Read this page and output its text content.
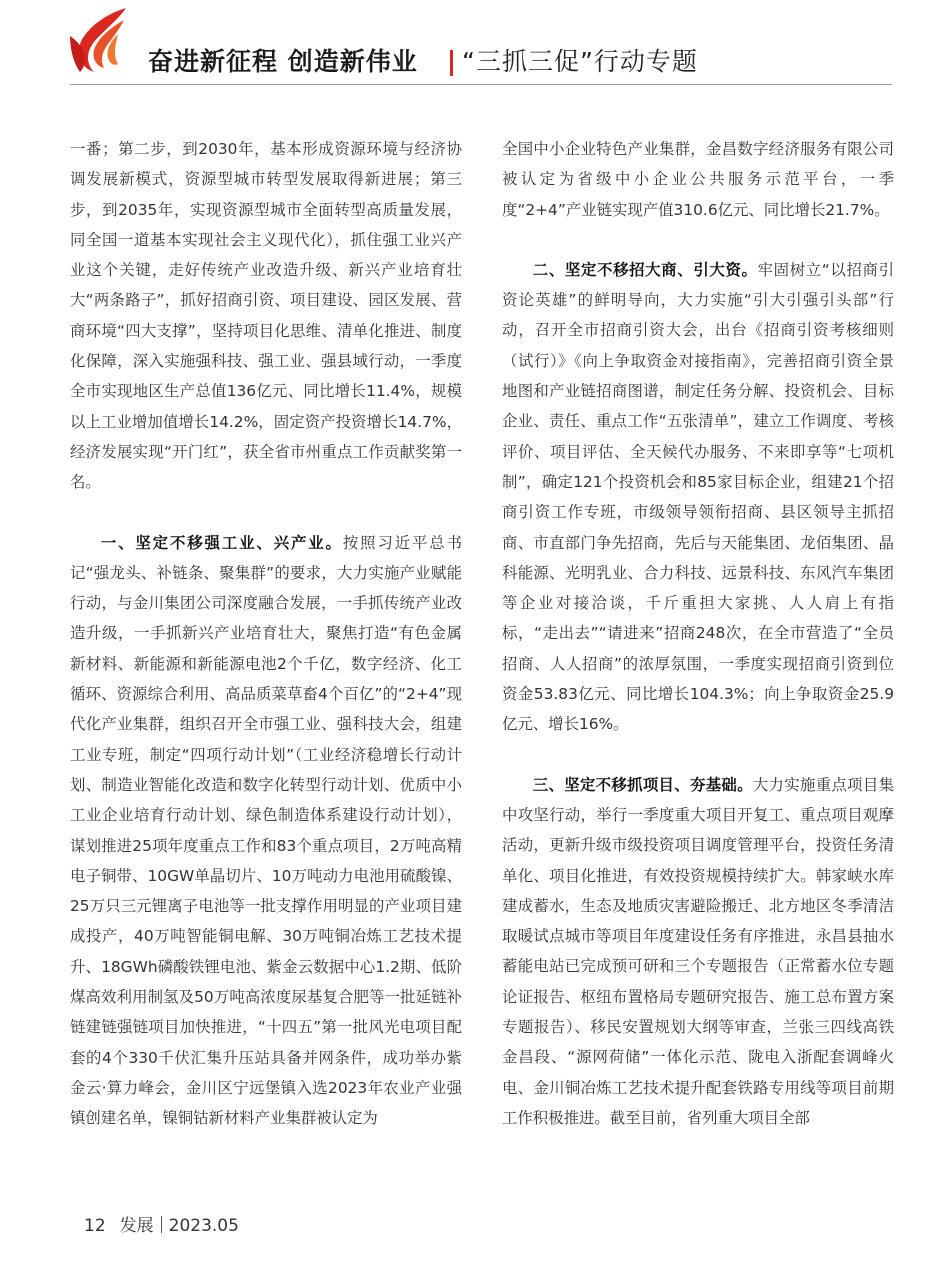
奋进新征程 创造新伟业 “三抓三促”行动专题

一番；第二步，到2030年，基本形成资源环境与经济协调发展新模式，资源型城市转型发展取得新进展；第三步，到2035年，实现资源型城市全面转型高质量发展，同全国一道基本实现社会主义现代化），抓住强工业兴产业这个关键，走好传统产业改造升级、新兴产业培育壮大“两条路子”，抓好招商引资、项目建设、园区发展、营商环境“四大支撑”，坚持项目化思维、清单化推进、制度化保障，深入实施强科技、强工业、强县域行动，一季度全市实现地区生产总值136亿元、同比增长11.4%，规模以上工业增加值增长14.2%，固定资产投资增长14.7%，经济发展实现“开门红”，获全省市州重点工作贡献奖第一名。

一、坚定不移强工业、兴产业。按照习近平总书记“强龙头、补链条、聚集群”的要求，大力实施产业赋能行动，与金川集团公司深度融合发展，一手抓传统产业改造升级，一手抓新兴产业培育壮大，聚焦打造“有色金属新材料、新能源和新能源电池2个千亿，数字经济、化工循环、资源综合利用、高品质菜草畜4个百亿”的“2+4”现代化产业集群，组织召开全市强工业、强科技大会，组建工业专班，制定“四项行动计划”（工业经济稳增长行动计划、制造业智能化改造和数字化转型行动计划、优质中小工业企业培育行动计划、绿色制造体系建设行动计划），谋划推进25项年度重点工作和83个重点项目，2万吨高精电子铜带、10GW单晶切片、10万吨动力电池用硫酸镍、25万只三元锂离子电池等一批支撑作用明显的产业项目建成投产，40万吨智能铜电解、30万吨铜冶炼工艺技术提升、18GWh磷酸铁锂电池、紫金云数据中心1.2期、低阶煤高效利用制氢及50万吨高浓度尿基复合肥等一批延链补链建链强链项目加快推进，“十四五”第一批风光电项目配套的4个330千伏汇集升压站具备并网条件，成功举办紫金云·算力峰会，金川区宁远堡镇入选2023年农业产业强镇创建名单，镍铜钴新材料产业集群被认定为

全国中小企业特色产业集群，金昌数字经济服务有限公司被认定为省级中小企业公共服务示范平台，一季度“2+4”产业链实现产值310.6亿元、同比增长21.7%。

二、坚定不移招大商、引大资。牢固树立“以招商引资论英雄”的鲜明导向，大力实施“引大引强引头部”行动，召开全市招商引资大会，出台《招商引资考核细则（试行）》《向上争取资金对接指南》，完善招商引资全景地图和产业链招商图谱，制定任务分解、投资机会、目标企业、责任、重点工作“五张清单”，建立工作调度、考核评价、项目评估、全天候代办服务、不来即享等“七项机制”，确定121个投资机会和85家目标企业，组建21个招商引资工作专班，市级领导领衔招商、县区领导主抓招商、市直部门争先招商，先后与天能集团、龙佰集团、晶科能源、光明乳业、合力科技、远景科技、东风汽车集团等企业对接洽谈，千斤重担大家挑、人人肩上有指标，“走出去”“请进来”招商248次，在全市营造了“全员招商、人人招商”的浓厚氛围，一季度实现招商引资到位资金53.83亿元、同比增长104.3%；向上争取资金25.9亿元、增长16%。

三、坚定不移抓项目、夯基础。大力实施重点项目集中攻坚行动，举行一季度重大项目开复工、重点项目观摩活动，更新升级市级投资项目调度管理平台，投资任务清单化、项目化推进，有效投资规模持续扩大。韩家峡水库建成蓄水，生态及地质灾害避险搬迁、北方地区冬季清洁取暖试点城市等项目年度建设任务有序推进，永昌县抽水蓄能电站已完成预可研和三个专题报告（正常蓄水位专题论证报告、枢纽布置格局专题研究报告、施工总布置方案专题报告）、移民安置规划大纲等审查，兰张三四线高铁金昌段、“源网荷储”一体化示范、陇电入浙配套调峰火电、金川铜冶炼工艺技术提升配套铁路专用线等项目前期工作积极推进。截至目前，省列重大项目全部

12 发展 2023.05
